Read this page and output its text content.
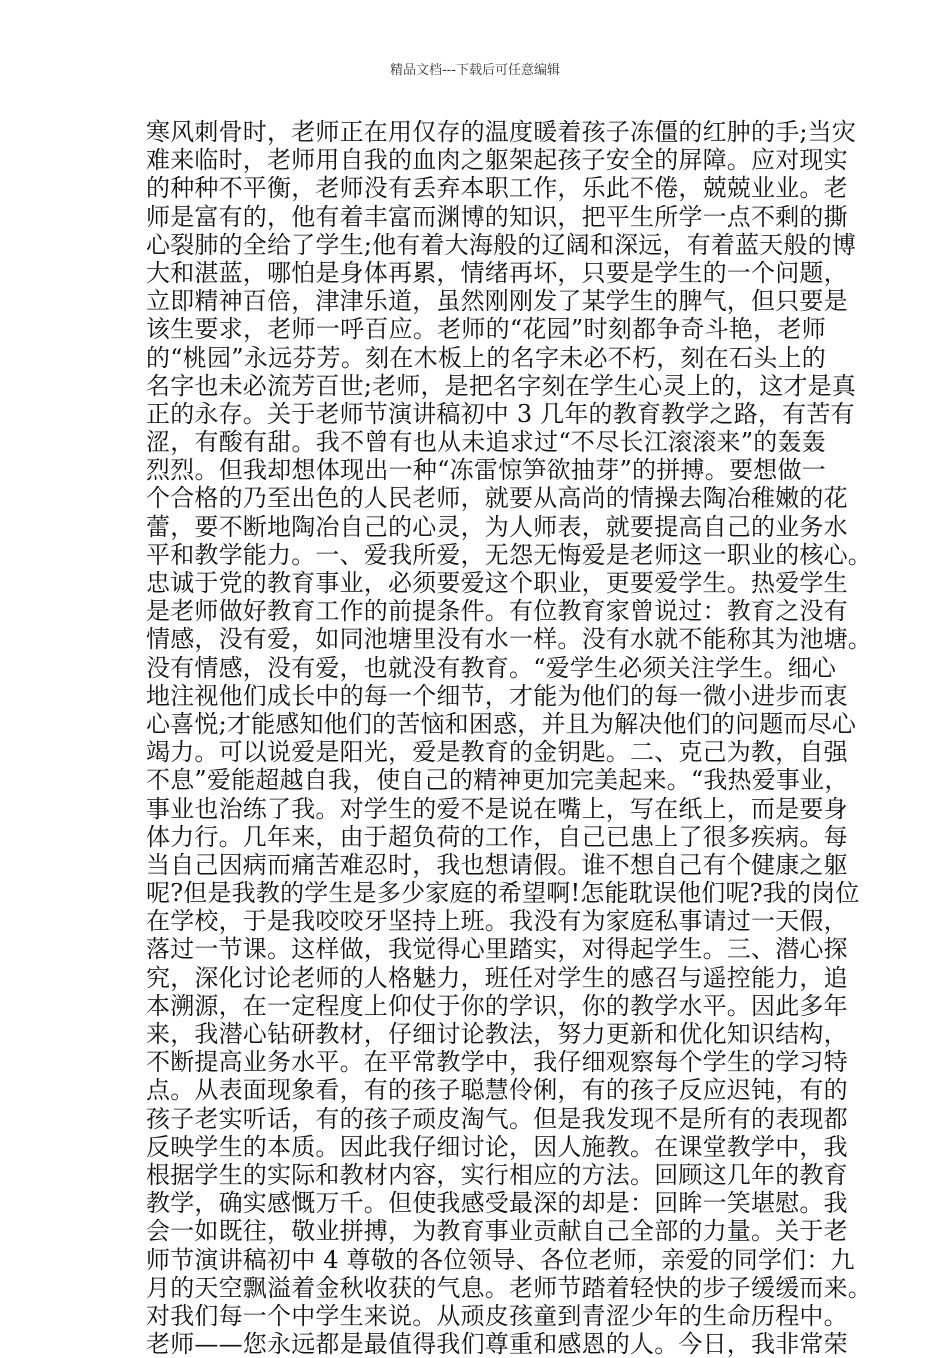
精品文档---下载后可任意编辑
寒风刺骨时，老师正在用仅存的温度暖着孩子冻僵的红肿的手;当灾
难来临时，老师用自我的血肉之躯架起孩子安全的屏障。应对现实
的种种不平衡，老师没有丢弃本职工作，乐此不倦，兢兢业业。老
师是富有的，他有着丰富而渊博的知识，把平生所学一点不剩的撕
心裂肺的全给了学生;他有着大海般的辽阔和深远，有着蓝天般的博
大和湛蓝，哪怕是身体再累，情绪再坏，只要是学生的一个问题，
立即精神百倍，津津乐道，虽然刚刚发了某学生的脾气，但只要是
该生要求，老师一呼百应。老师的“花园”时刻都争奇斗艳，老师
的“桃园”永远芬芳。刻在木板上的名字未必不朽，刻在石头上的
名字也未必流芳百世;老师，是把名字刻在学生心灵上的，这才是真
正的永存。关于老师节演讲稿初中 3 几年的教育教学之路，有苦有
涩，有酸有甜。我不曾有也从未追求过“不尽长江滚滚来”的轰轰
烈烈。但我却想体现出一种“冻雷惊笋欲抽芽”的拼搏。要想做一
个合格的乃至出色的人民老师，就要从高尚的情操去陶冶稚嫩的花
蕾，要不断地陶冶自己的心灵，为人师表，就要提高自己的业务水
平和教学能力。一、爱我所爱，无怨无悔爱是老师这一职业的核心。
忠诚于党的教育事业，必须要爱这个职业，更要爱学生。热爱学生
是老师做好教育工作的前提条件。有位教育家曾说过：教育之没有
情感，没有爱，如同池塘里没有水一样。没有水就不能称其为池塘。
没有情感，没有爱，也就没有教育。“爱学生必须关注学生。细心
地注视他们成长中的每一个细节，才能为他们的每一微小进步而衷
心喜悦;才能感知他们的苦恼和困惑，并且为解决他们的问题而尽心
竭力。可以说爱是阳光，爱是教育的金钥匙。二、克己为教，自强
不息”爱能超越自我，使自己的精神更加完美起来。“我热爱事业，
事业也治练了我。对学生的爱不是说在嘴上，写在纸上，而是要身
体力行。几年来，由于超负荷的工作，自己已患上了很多疾病。每
当自己因病而痛苦难忍时，我也想请假。谁不想自己有个健康之躯
呢?但是我教的学生是多少家庭的希望啊!怎能耽误他们呢?我的岗位
在学校，于是我咬咬牙坚持上班。我没有为家庭私事请过一天假，
落过一节课。这样做，我觉得心里踏实，对得起学生。三、潜心探
究，深化讨论老师的人格魅力，班任对学生的感召与遥控能力，追
本溯源，在一定程度上仰仗于你的学识，你的教学水平。因此多年
来，我潜心钻研教材，仔细讨论教法，努力更新和优化知识结构，
不断提高业务水平。在平常教学中，我仔细观察每个学生的学习特
点。从表面现象看，有的孩子聪慧伶俐，有的孩子反应迟钝，有的
孩子老实听话，有的孩子顽皮淘气。但是我发现不是所有的表现都
反映学生的本质。因此我仔细讨论，因人施教。在课堂教学中，我
根据学生的实际和教材内容，实行相应的方法。回顾这几年的教育
教学，确实感慨万千。但使我感受最深的却是：回眸一笑堪慰。我
会一如既往，敬业拼搏，为教育事业贡献自己全部的力量。关于老
师节演讲稿初中 4 尊敬的各位领导、各位老师，亲爱的同学们：九
月的天空飘溢着金秋收获的气息。老师节踏着轻快的步子缓缓而来。
对我们每一个中学生来说。从顽皮孩童到青涩少年的生命历程中。
老师——您永远都是最值得我们尊重和感恩的人。今日，我非常荣
